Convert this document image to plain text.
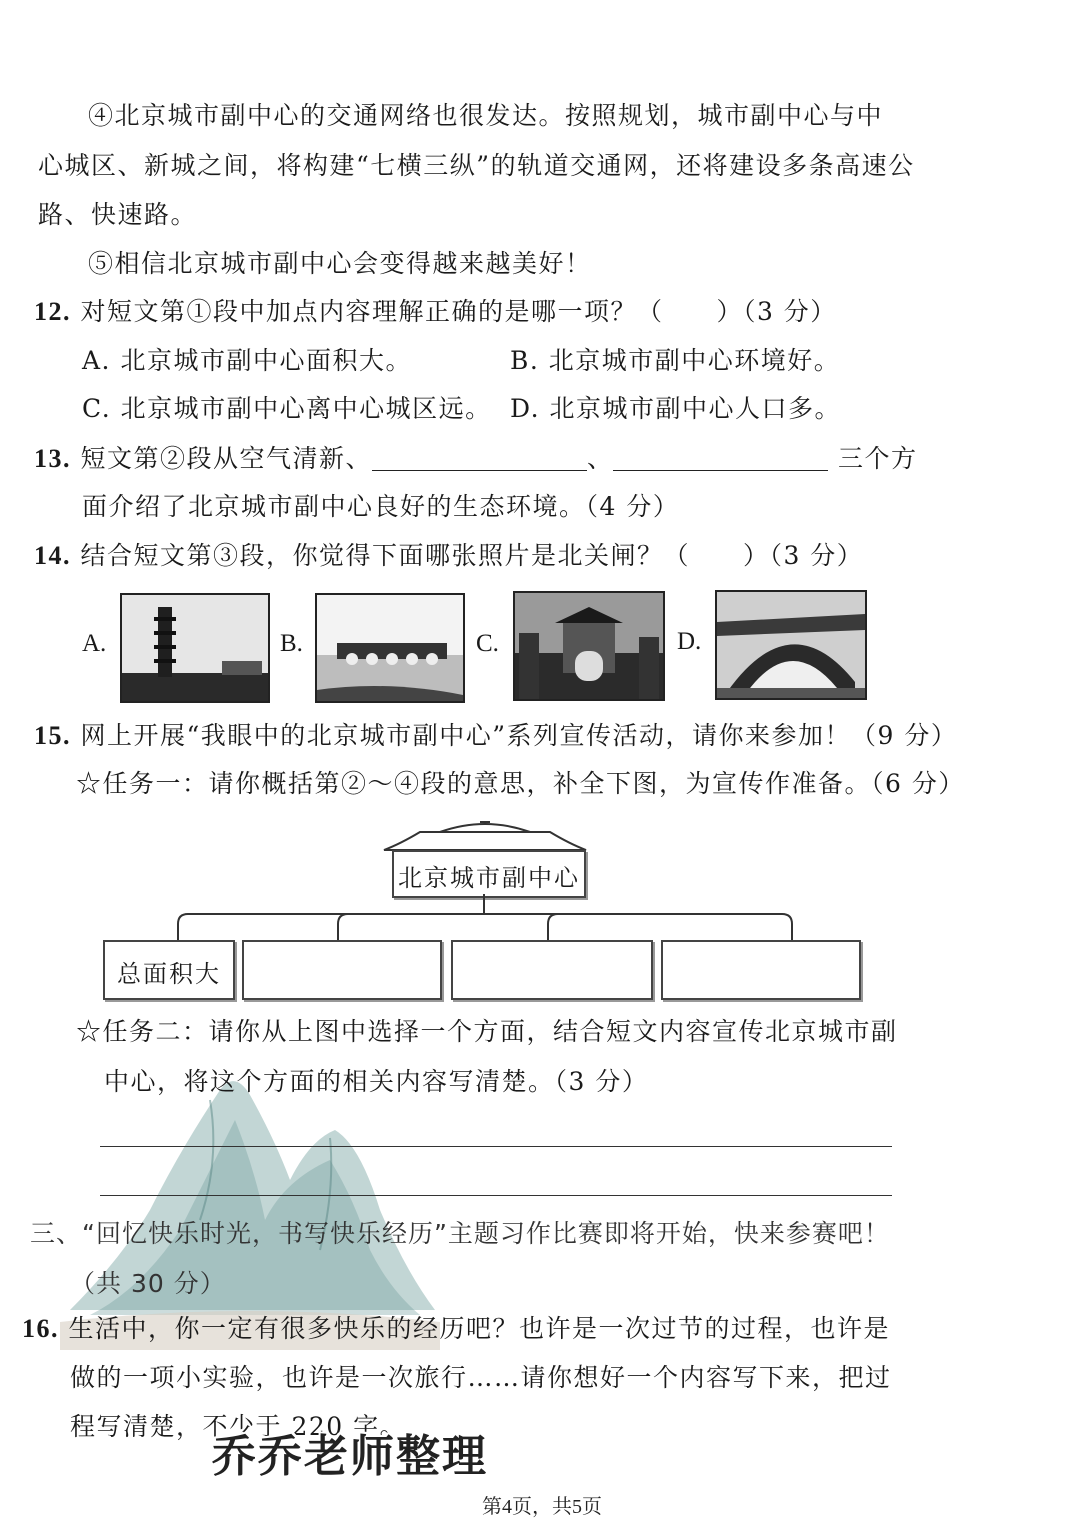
④北京城市副中心的交通网络也很发达。按照规划，城市副中心与中
心城区、新城之间，将构建“七横三纵”的轨道交通网，还将建设多条高速公
路、快速路。
⑤相信北京城市副中心会变得越来越美好！
12. 对短文第①段中加点内容理解正确的是哪一项？（　　）（3 分）
A. 北京城市副中心面积大。	B. 北京城市副中心环境好。
C. 北京城市副中心离中心城区远。 D. 北京城市副中心人口多。
13. 短文第②段从空气清新、	、	三个方
面介绍了北京城市副中心良好的生态环境。（4 分）
14. 结合短文第③段，你觉得下面哪张照片是北关闸？（　　）（3 分）
A.	B.	C.	D.
15. 网上开展“我眼中的北京城市副中心”系列宣传活动，请你来参加！（9 分）
☆任务一：请你概括第②～④段的意思，补全下图，为宣传作准备。（6 分）
北京城市副中心
总面积大
☆任务二：请你从上图中选择一个方面，结合短文内容宣传北京城市副
中心，将这个方面的相关内容写清楚。（3 分）
三、“回忆快乐时光，书写快乐经历”主题习作比赛即将开始，快来参赛吧！
（共 30 分）
16. 生活中，你一定有很多快乐的经历吧？也许是一次过节的过程，也许是
做的一项小实验，也许是一次旅行……请你想好一个内容写下来，把过
程写清楚，不少于 220 字。
乔乔老师整理
第4页，共5页
